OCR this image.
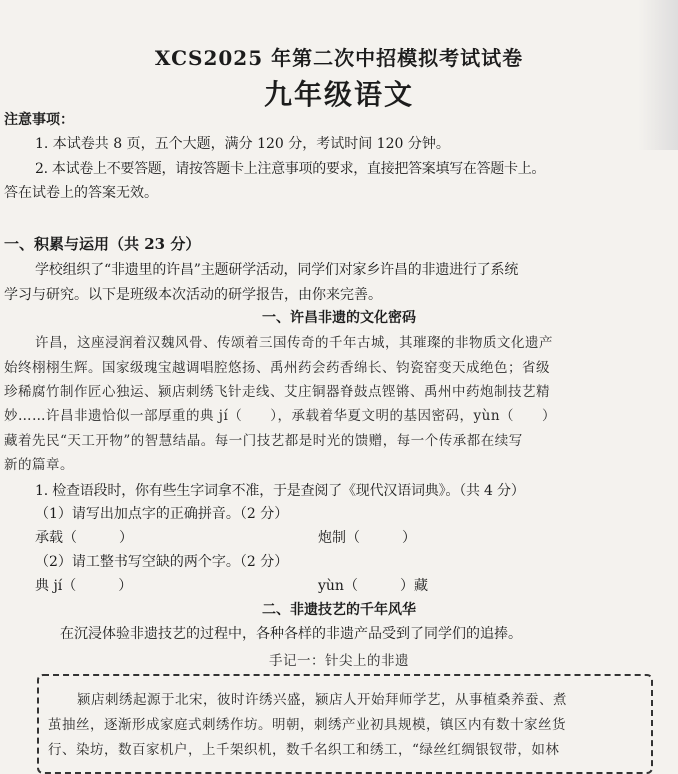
XCS2025 年第二次中招模拟考试试卷
九年级语文
注意事项：
1. 本试卷共 8 页，五个大题，满分 120 分，考试时间 120 分钟。
2. 本试卷上不要答题，请按答题卡上注意事项的要求，直接把答案填写在答题卡上。
答在试卷上的答案无效。
一、积累与运用（共 23 分）
学校组织了“非遗里的许昌”主题研学活动，同学们对家乡许昌的非遗进行了系统
学习与研究。以下是班级本次活动的研学报告，由你来完善。
一、许昌非遗的文化密码
许昌，这座浸润着汉魏风骨、传颂着三国传奇的千年古城，其璀璨的非物质文化遗产
始终栩栩生辉。国家级瑰宝越调唱腔悠扬、禹州药会药香绵长、钧瓷窑变天成绝色；省级
珍稀腐竹制作匠心独运、颍店刺绣飞针走线、艾庄铜器脊鼓点铿锵、禹州中药炮制技艺精
妙……许昌非遗恰似一部厚重的典 jí（　　），承载着华夏文明的基因密码，yùn（　　）
藏着先民“天工开物”的智慧结晶。每一门技艺都是时光的馈赠，每一个传承都在续写
新的篇章。
1. 检查语段时，你有些生字词拿不准，于是查阅了《现代汉语词典》。（共 4 分）
（1）请写出加点字的正确拼音。（2 分）
承载（　　　）	炮制（　　　）
（2）请工整书写空缺的两个字。（2 分）
典 jí（　　　）	yùn（　　　）藏
二、非遗技艺的千年风华
在沉浸体验非遗技艺的过程中，各种各样的非遗产品受到了同学们的追捧。
手记一：针尖上的非遗
颍店刺绣起源于北宋，彼时许绣兴盛，颍店人开始拜师学艺，从事植桑养蚕、煮
茧抽丝，逐渐形成家庭式刺绣作坊。明朝，刺绣产业初具规模，镇区内有数十家丝货
行、染坊，数百家机户，上千架织机，数千名织工和绣工，“绿丝红绸银钗带，如林
